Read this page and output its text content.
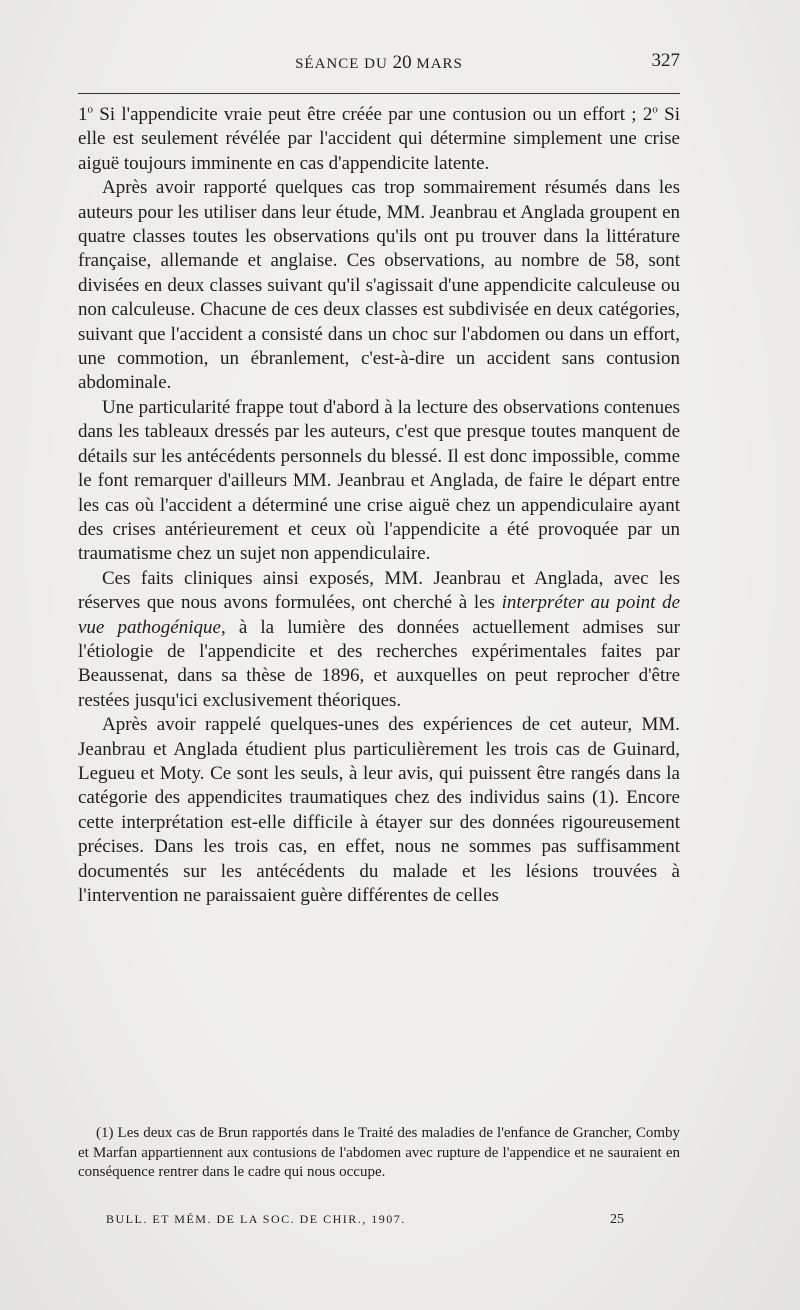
SÉANCE DU 20 MARS	327

1$^o$ Si l'appendicite vraie peut être créée par une contusion ou un effort ; 2$^o$ Si elle est seulement révélée par l'accident qui détermine simplement une crise aiguë toujours imminente en cas d'appendicite latente.

Après avoir rapporté quelques cas trop sommairement résumés dans les auteurs pour les utiliser dans leur étude, MM. Jeanbrau et Anglada groupent en quatre classes toutes les observations qu'ils ont pu trouver dans la littérature française, allemande et anglaise. Ces observations, au nombre de 58, sont divisées en deux classes suivant qu'il s'agissait d'une appendicite calculeuse ou non calculeuse. Chacune de ces deux classes est subdivisée en deux catégories, suivant que l'accident a consisté dans un choc sur l'abdomen ou dans un effort, une commotion, un ébranlement, c'est-à-dire un accident sans contusion abdominale.

Une particularité frappe tout d'abord à la lecture des observations contenues dans les tableaux dressés par les auteurs, c'est que presque toutes manquent de détails sur les antécédents personnels du blessé. Il est donc impossible, comme le font remarquer d'ailleurs MM. Jeanbrau et Anglada, de faire le départ entre les cas où l'accident a déterminé une crise aiguë chez un appendiculaire ayant des crises antérieurement et ceux où l'appendicite a été provoquée par un traumatisme chez un sujet non appendiculaire.

Ces faits cliniques ainsi exposés, MM. Jeanbrau et Anglada, avec les réserves que nous avons formulées, ont cherché à les interpréter au point de vue pathogénique, à la lumière des données actuellement admises sur l'étiologie de l'appendicite et des recherches expérimentales faites par Beaussenat, dans sa thèse de 1896, et auxquelles on peut reprocher d'être restées jusqu'ici exclusivement théoriques.

Après avoir rappelé quelques-unes des expériences de cet auteur, MM. Jeanbrau et Anglada étudient plus particulièrement les trois cas de Guinard, Legueu et Moty. Ce sont les seuls, à leur avis, qui puissent être rangés dans la catégorie des appendicites traumatiques chez des individus sains (1). Encore cette interprétation est-elle difficile à étayer sur des données rigoureusement précises. Dans les trois cas, en effet, nous ne sommes pas suffisamment documentés sur les antécédents du malade et les lésions trouvées à l'intervention ne paraissaient guère différentes de celles

(1) Les deux cas de Brun rapportés dans le Traité des maladies de l'enfance de Grancher, Comby et Marfan appartiennent aux contusions de l'abdomen avec rupture de l'appendice et ne sauraient en conséquence rentrer dans le cadre qui nous occupe.

BULL. ET MÉM. DE LA SOC. DE CHIR., 1907.	25
